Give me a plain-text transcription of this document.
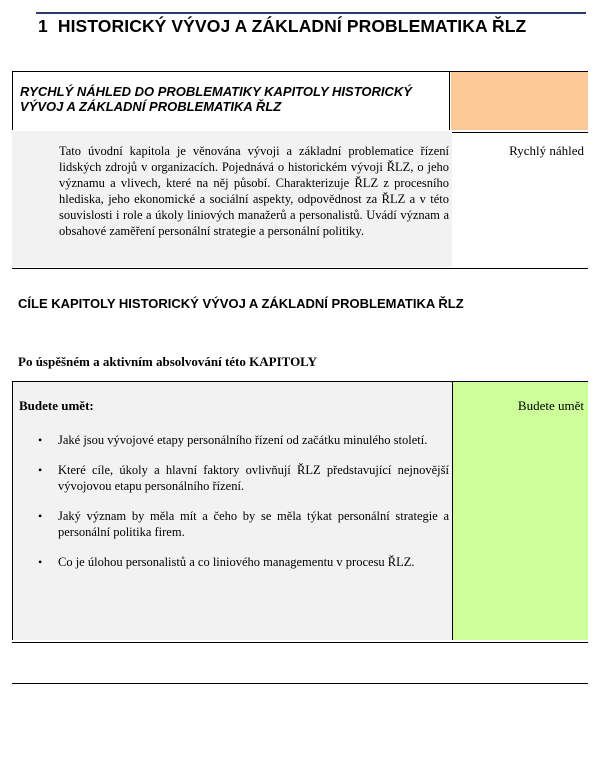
1 HISTORICKÝ VÝVOJ A ZÁKLADNÍ PROBLEMATIKA ŘLZ
RYCHLÝ NÁHLED DO PROBLEMATIKY KAPITOLY HISTORICKÝ VÝVOJ A ZÁKLADNÍ PROBLEMATIKA ŘLZ
Tato úvodní kapitola je věnována vývoji a základní problematice řízení lidských zdrojů v organizacích. Pojednává o historickém vývoji ŘLZ, o jeho významu a vlivech, které na něj působí. Charakterizuje ŘLZ z procesního hlediska, jeho ekonomické a sociální aspekty, odpovědnost za ŘLZ a v této souvislosti i role a úkoly liniových manažerů a personalistů. Uvádí význam a obsahové zaměření personální strategie a personální politiky.
Rychlý náhled
CÍLE KAPITOLY HISTORICKÝ VÝVOJ A ZÁKLADNÍ PROBLEMATIKA ŘLZ
Po úspěšném a aktivním absolvování této KAPITOLY
Budete umět:
• Jaké jsou vývojové etapy personálního řízení od začátku minulého století.
• Které cíle, úkoly a hlavní faktory ovlivňují ŘLZ představující nejnovější vývojovou etapu personálního řízení.
• Jaký význam by měla mít a čeho by se měla týkat personální strategie a personální politika firem.
• Co je úlohou personalistů a co liniového managementu v procesu ŘLZ.
Budete umět
